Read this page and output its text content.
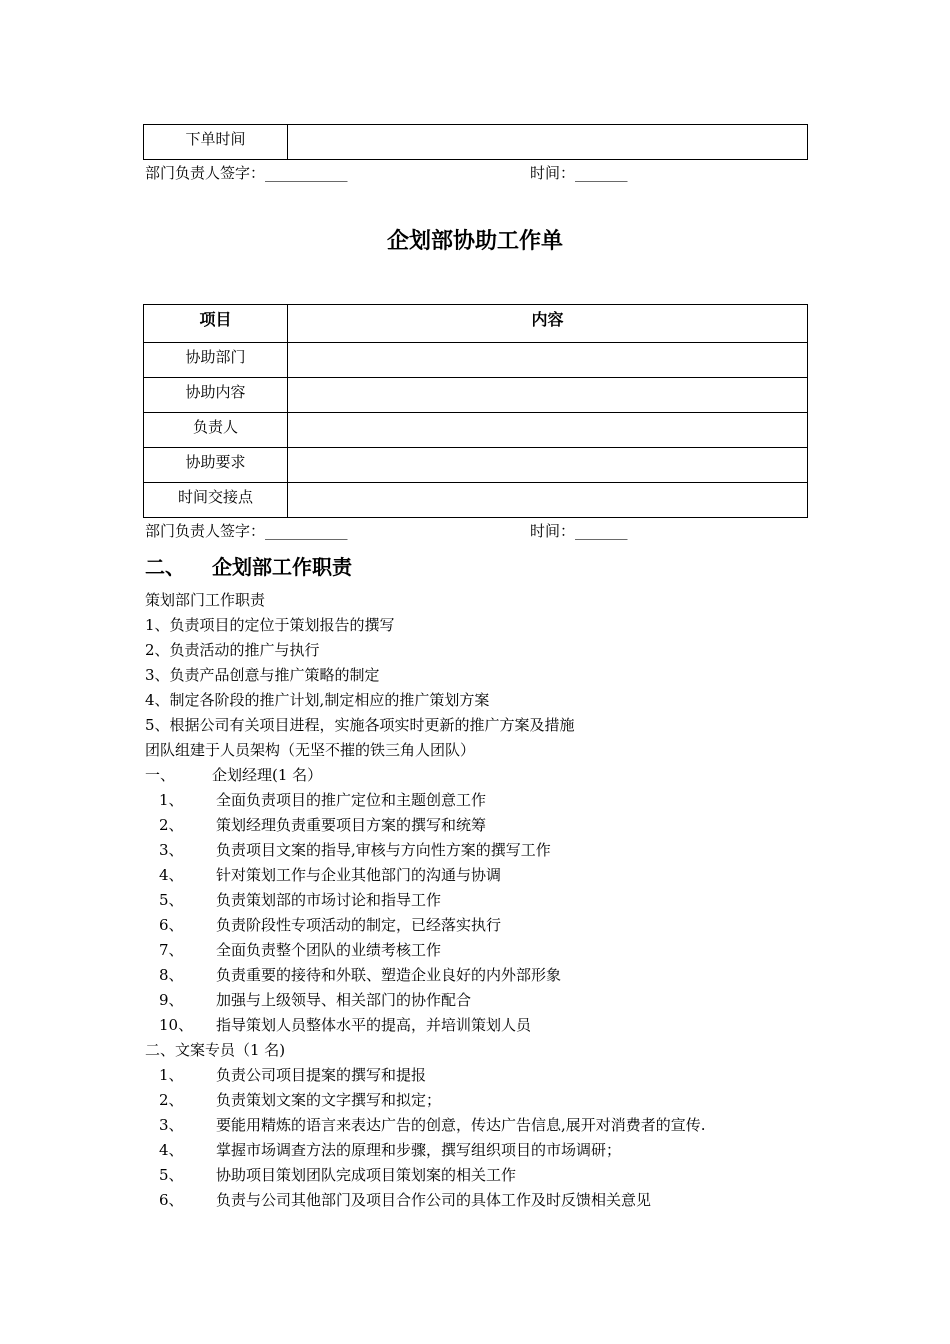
下单时间	
部门负责人签字：___________	时间：_______
企划部协助工作单
项目	内容
协助部门	
协助内容	
负责人	
协助要求	
时间交接点	
部门负责人签字：___________	时间：_______
二、 企划部工作职责
策划部门工作职责
1、负责项目的定位于策划报告的撰写
2、负责活动的推广与执行
3、负责产品创意与推广策略的制定
4、制定各阶段的推广计划,制定相应的推广策划方案
5、根据公司有关项目进程，实施各项实时更新的推广方案及措施
团队组建于人员架构（无坚不摧的铁三角人团队）
一、 企划经理(1 名）
1、 全面负责项目的推广定位和主题创意工作
2、 策划经理负责重要项目方案的撰写和统筹
3、 负责项目文案的指导,审核与方向性方案的撰写工作
4、 针对策划工作与企业其他部门的沟通与协调
5、 负责策划部的市场讨论和指导工作
6、 负责阶段性专项活动的制定，已经落实执行
7、 全面负责整个团队的业绩考核工作
8、 负责重要的接待和外联、塑造企业良好的内外部形象
9、 加强与上级领导、相关部门的协作配合
10、 指导策划人员整体水平的提高，并培训策划人员
二、文案专员（1 名)
1、 负责公司项目提案的撰写和提报
2、 负责策划文案的文字撰写和拟定；
3、 要能用精炼的语言来表达广告的创意，传达广告信息,展开对消费者的宣传.
4、 掌握市场调查方法的原理和步骤，撰写组织项目的市场调研；
5、 协助项目策划团队完成项目策划案的相关工作
6、 负责与公司其他部门及项目合作公司的具体工作及时反馈相关意见
